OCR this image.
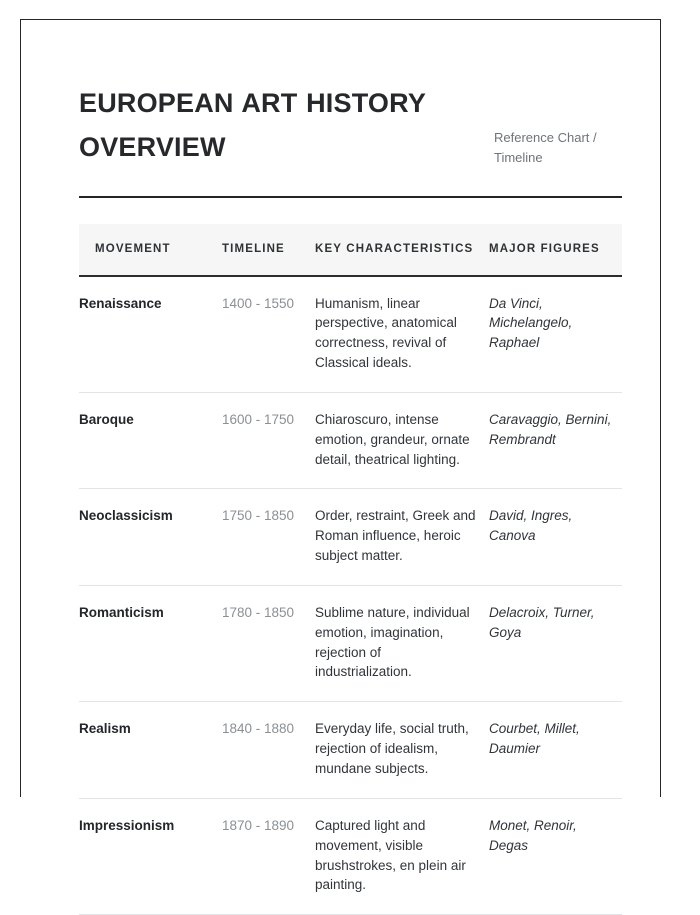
EUROPEAN ART HISTORY OVERVIEW	Reference Chart / Timeline
MOVEMENT	TIMELINE	KEY CHARACTERISTICS	MAJOR FIGURES
Renaissance	1400 - 1550	Humanism, linear perspective, anatomical correctness, revival of Classical ideals.	Da Vinci, Michelangelo, Raphael
Baroque	1600 - 1750	Chiaroscuro, intense emotion, grandeur, ornate detail, theatrical lighting.	Caravaggio, Bernini, Rembrandt
Neoclassicism	1750 - 1850	Order, restraint, Greek and Roman influence, heroic subject matter.	David, Ingres, Canova
Romanticism	1780 - 1850	Sublime nature, individual emotion, imagination, rejection of industrialization.	Delacroix, Turner, Goya
Realism	1840 - 1880	Everyday life, social truth, rejection of idealism, mundane subjects.	Courbet, Millet, Daumier
Impressionism	1870 - 1890	Captured light and movement, visible brushstrokes, en plein air painting.	Monet, Renoir, Degas
